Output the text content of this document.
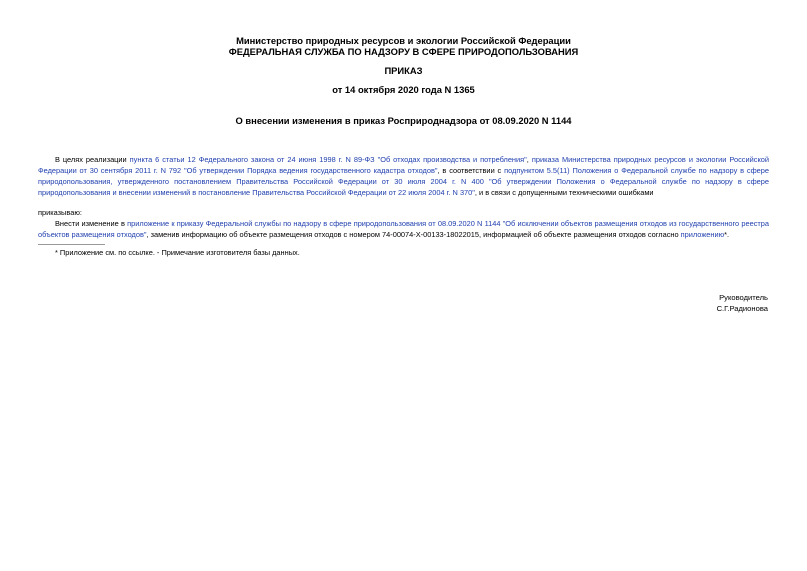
Министерство природных ресурсов и экологии Российской Федерации
ФЕДЕРАЛЬНАЯ СЛУЖБА ПО НАДЗОРУ В СФЕРЕ ПРИРОДОПОЛЬЗОВАНИЯ
ПРИКАЗ
от 14 октября 2020 года N 1365
О внесении изменения в приказ Росприроднадзора от 08.09.2020 N 1144
В целях реализации пункта 6 статьи 12 Федерального закона от 24 июня 1998 г. N 89-ФЗ "Об отходах производства и потребления", приказа Министерства природных ресурсов и экологии Российской Федерации от 30 сентября 2011 г. N 792 "Об утверждении Порядка ведения государственного кадастра отходов", в соответствии с подпунктом 5.5(11) Положения о Федеральной службе по надзору в сфере природопользования, утвержденного постановлением Правительства Российской Федерации от 30 июля 2004 г. N 400 "Об утверждении Положения о Федеральной службе по надзору в сфере природопользования и внесении изменений в постановление Правительства Российской Федерации от 22 июля 2004 г. N 370", и в связи с допущенными техническими ошибками
приказываю:
Внести изменение в приложение к приказу Федеральной службы по надзору в сфере природопользования от 08.09.2020 N 1144 "Об исключении объектов размещения отходов из государственного реестра объектов размещения отходов", заменив информацию об объекте размещения отходов с номером 74-00074-Х-00133-18022015, информацией об объекте размещения отходов согласно приложению*.
* Приложение см. по ссылке. - Примечание изготовителя базы данных.
Руководитель
С.Г.Радионова
